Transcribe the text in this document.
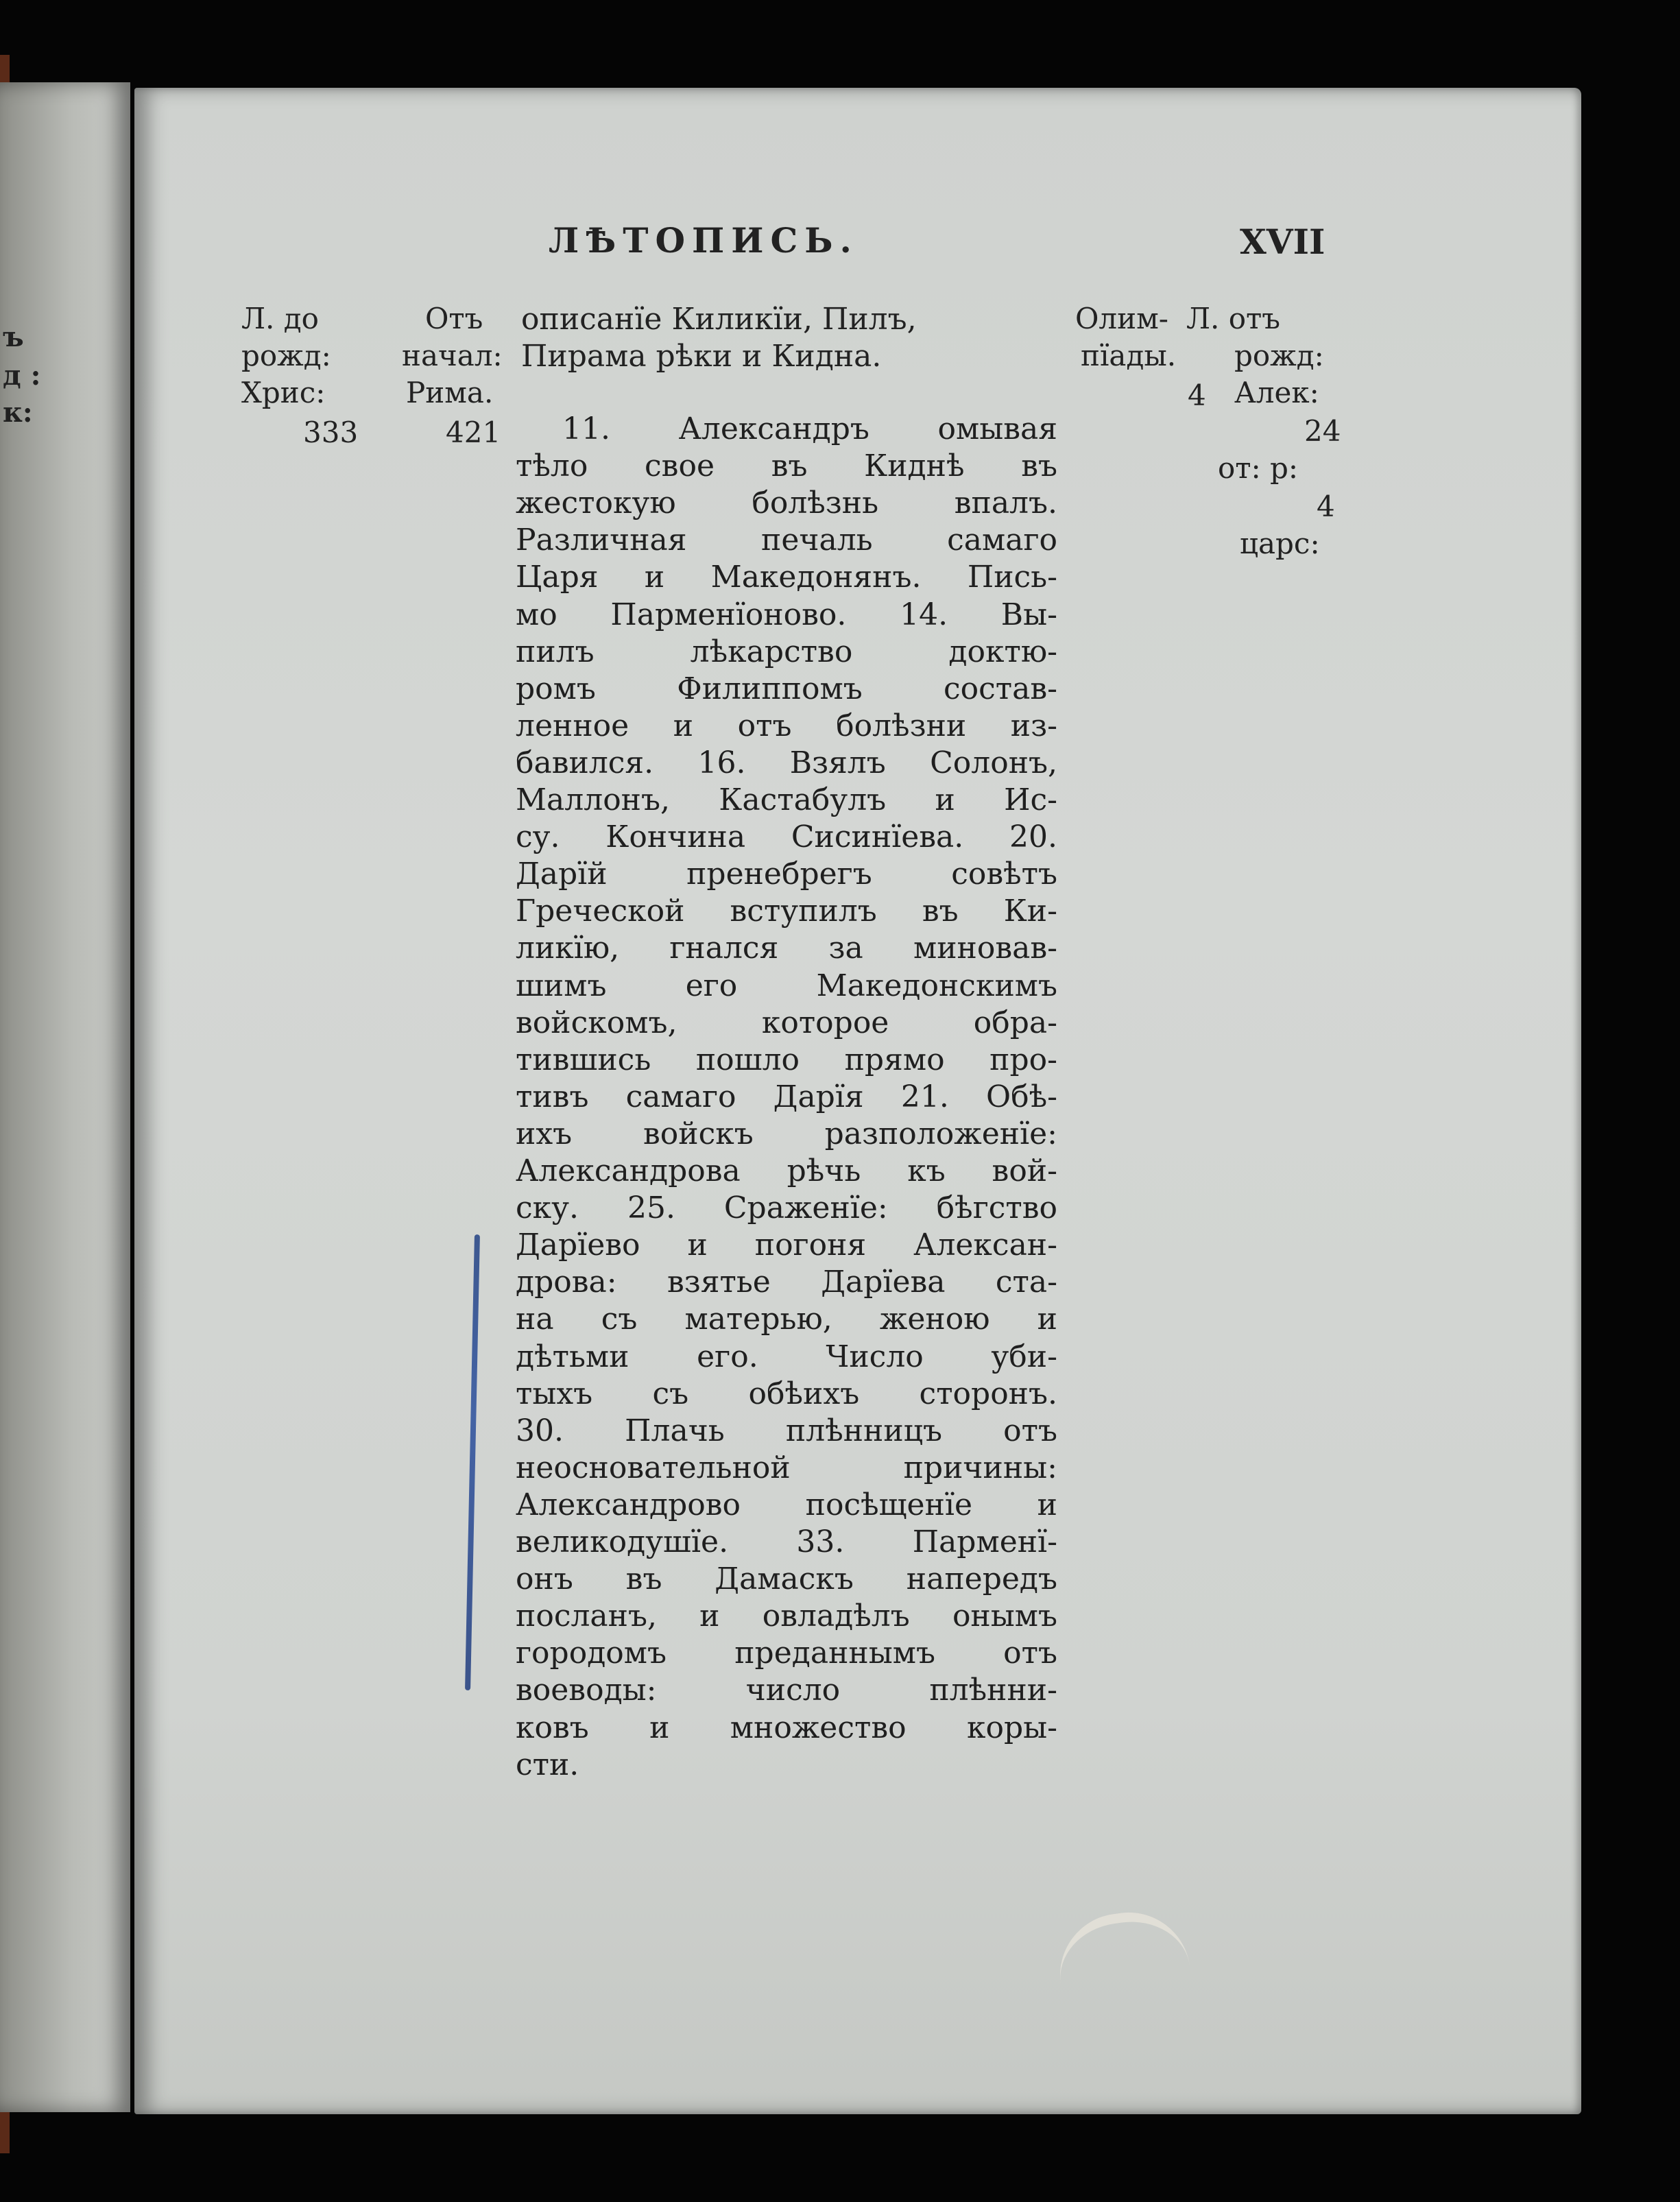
ъ
д :
к:
ЛѢТОПИСЬ.	XVII
Л. до
рожд:
Хрис:
333
Отъ
начал:
Рима.
421
описанïе Киликïи, Пилъ,
Пирама рѣки и Кидна.
Олим-
пïады.
4
Л. отъ
рожд:
Алек:
24
от: р:
4
царс:
11. Александръ омывая
тѣло свое въ Киднѣ въ
жестокую болѣзнь впалъ.
Различная печаль самаго
Царя и Македонянъ. Пись-
мо Парменïоново. 14. Вы-
пилъ лѣкарство доктю-
ромъ Филиппомъ состав-
ленное и отъ болѣзни из-
бавился. 16. Взялъ Солонъ,
Маллонъ, Кастабулъ и Ис-
су. Кончина Сисинïева. 20.
Дарïй пренебрегъ совѣтъ
Греческой вступилъ въ Ки-
ликïю, гнался за миновав-
шимъ его Македонскимъ
войскомъ, которое обра-
тившись пошло прямо про-
тивъ самаго Дарïя 21. Обѣ-
ихъ войскъ разположенïе:
Александрова рѣчь къ вой-
ску. 25. Сраженïе: бѣгство
Дарïево и погоня Алексан-
дрова: взятье Дарïева ста-
на съ матерью, женою и
дѣтьми его. Число уби-
тыхъ съ обѣихъ сторонъ.
30. Плачь плѣнницъ отъ
неосновательной причины:
Александрово посѣщенïе и
великодушïе. 33. Парменï-
онъ въ Дамаскъ напередъ
посланъ, и овладѣлъ онымъ
городомъ преданнымъ отъ
воеводы: число плѣнни-
ковъ и множество коры-
сти.
